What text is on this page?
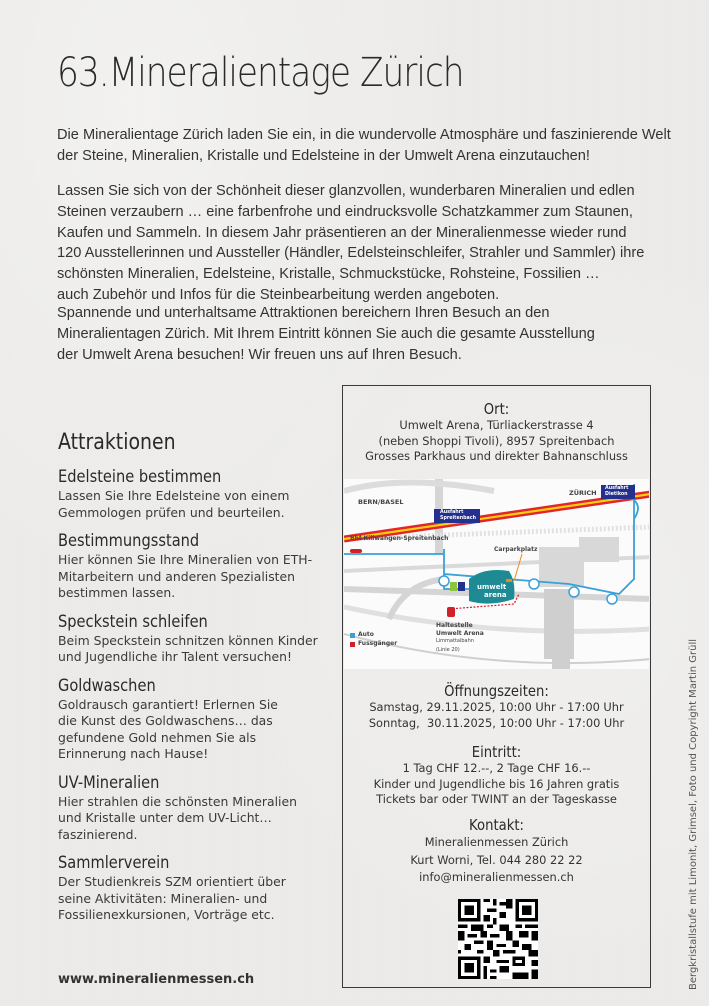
63.Mineralientage Zürich

Die Mineralientage Zürich laden Sie ein, in die wundervolle Atmosphäre und faszinierende Welt

der Steine, Mineralien, Kristalle und Edelsteine in der Umwelt Arena einzutauchen!

Lassen Sie sich von der Schönheit dieser glanzvollen, wunderbaren Mineralien und edlen

Steinen verzaubern … eine farbenfrohe und eindrucksvolle Schatzkammer zum Staunen,

Kaufen und Sammeln. In diesem Jahr präsentieren an der Mineralienmesse wieder rund

120 Ausstellerinnen und Aussteller (Händler, Edelsteinschleifer, Strahler und Sammler) ihre

schönsten Mineralien, Edelsteine, Kristalle, Schmuckstücke, Rohsteine, Fossilien …

auch Zubehör und Infos für die Steinbearbeitung werden angeboten.

Spannende und unterhaltsame Attraktionen bereichern Ihren Besuch an den

Mineralientagen Zürich. Mit Ihrem Eintritt können Sie auch die gesamte Ausstellung

der Umwelt Arena besuchen! Wir freuen uns auf Ihren Besuch.

Attraktionen
Edelsteine bestimmen
Lassen Sie Ihre Edelsteine von einem
Gemmologen prüfen und beurteilen.
Bestimmungsstand
Hier können Sie Ihre Mineralien von ETH-
Mitarbeitern und anderen Spezialisten
bestimmen lassen.
Speckstein schleifen
Beim Speckstein schnitzen können Kinder
und Jugendliche ihr Talent versuchen!
Goldwaschen
Goldrausch garantiert! Erlernen Sie
die Kunst des Goldwaschens… das
gefundene Gold nehmen Sie als
Erinnerung nach Hause!
UV-Mineralien
Hier strahlen die schönsten Mineralien
und Kristalle unter dem UV-Licht…
faszinierend.
Sammlerverein
Der Studienkreis SZM orientiert über
seine Aktivitäten: Mineralien- und
Fossilienexkursionen, Vorträge etc.
www.mineralienmessen.ch
Ort:
Umwelt Arena, Türliackerstrasse 4
(neben Shoppi Tivoli), 8957 Spreitenbach
Grosses Parkhaus und direkter Bahnanschluss
umwelt
arena
BERN/BASEL
ZÜRICH
Ausfahrt
Spreitenbach
Ausfahrt
Dietikon
Bhf Killwangen-Spreitenbach
Carparkplatz
Haltestelle
Umwelt Arena
Limmattalbahn
(Linie 20)
Auto
Fussgänger
Öffnungszeiten:
Samstag, 29.11.2025, 10:00 Uhr - 17:00 Uhr
Sonntag,  30.11.2025, 10:00 Uhr - 17:00 Uhr
Eintritt:
1 Tag CHF 12.--, 2 Tage CHF 16.--
Kinder und Jugendliche bis 16 Jahren gratis
Tickets bar oder TWINT an der Tageskasse
Kontakt:
Mineralienmessen Zürich
Kurt Worni, Tel. 044 280 22 22
info@mineralienmessen.ch	Bergkristallstufe mit Limonit, Grimsel, Foto und Copyright Martin Grüll
